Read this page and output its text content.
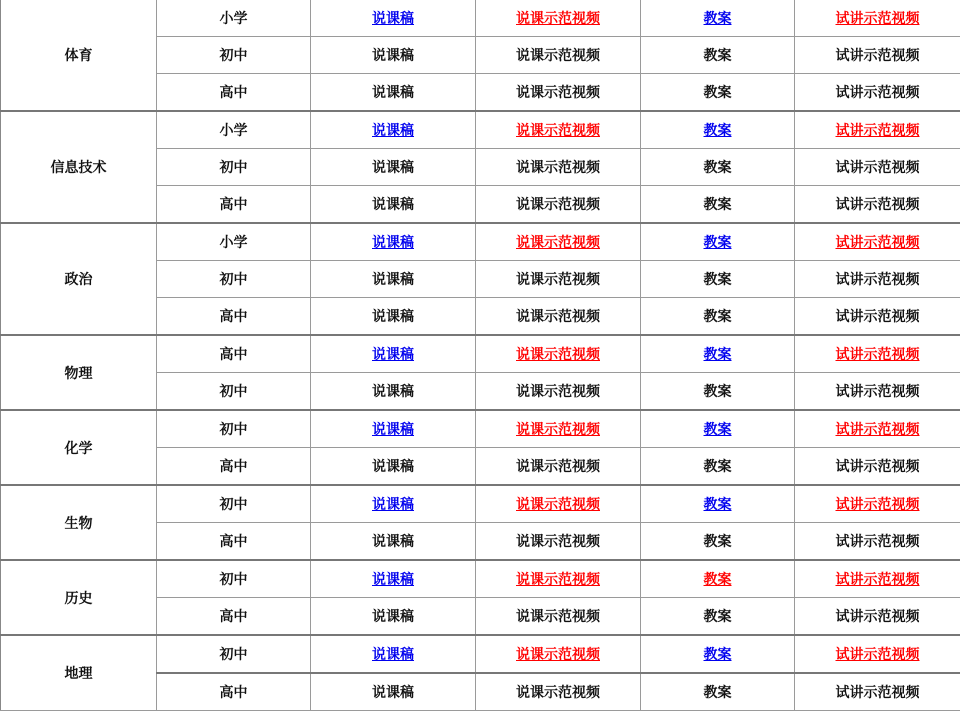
体育	小学	说课稿	说课示范视频	教案	试讲示范视频
	初中	说课稿	说课示范视频	教案	试讲示范视频
	高中	说课稿	说课示范视频	教案	试讲示范视频
信息技术	小学	说课稿	说课示范视频	教案	试讲示范视频
	初中	说课稿	说课示范视频	教案	试讲示范视频
	高中	说课稿	说课示范视频	教案	试讲示范视频
政治	小学	说课稿	说课示范视频	教案	试讲示范视频
	初中	说课稿	说课示范视频	教案	试讲示范视频
	高中	说课稿	说课示范视频	教案	试讲示范视频
物理	高中	说课稿	说课示范视频	教案	试讲示范视频
	初中	说课稿	说课示范视频	教案	试讲示范视频
化学	初中	说课稿	说课示范视频	教案	试讲示范视频
	高中	说课稿	说课示范视频	教案	试讲示范视频
生物	初中	说课稿	说课示范视频	教案	试讲示范视频
	高中	说课稿	说课示范视频	教案	试讲示范视频
历史	初中	说课稿	说课示范视频	教案	试讲示范视频
	高中	说课稿	说课示范视频	教案	试讲示范视频
地理	初中	说课稿	说课示范视频	教案	试讲示范视频
	高中	说课稿	说课示范视频	教案	试讲示范视频
